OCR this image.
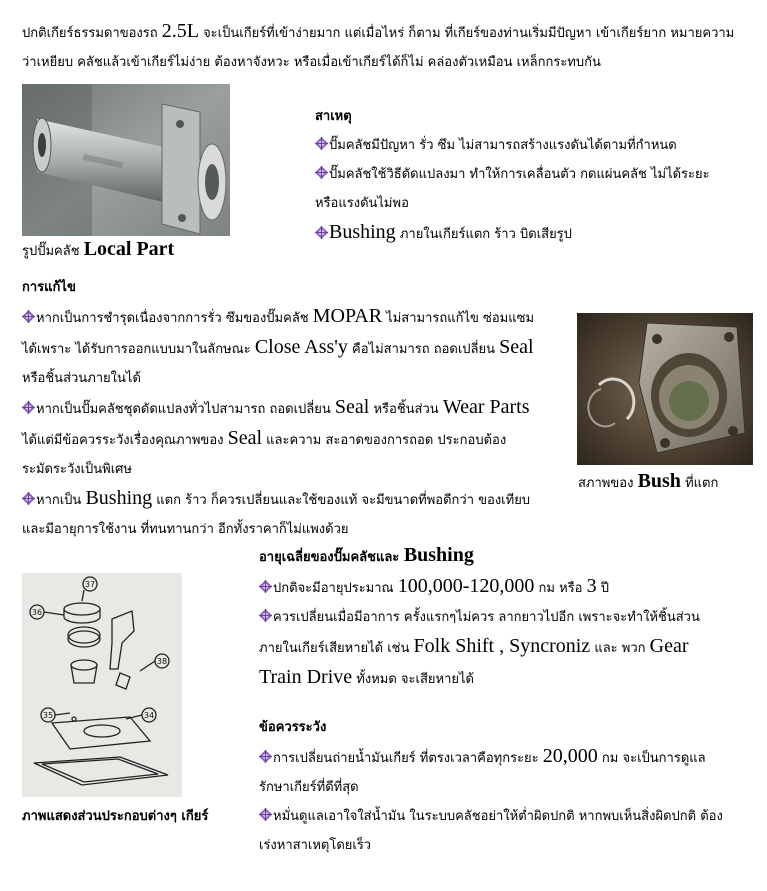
ปกติเกียร์ธรรมดาของรถ 2.5L จะเป็นเกียร์ที่เข้าง่ายมาก แต่เมื่อไหร่ ก็ตาม ที่เกียร์ของท่านเริ่มมีปัญหา เข้าเกียร์ยาก หมายความ

ว่าเหยียบ คลัชแล้วเข้าเกียร์ไม่ง่าย ต้องหาจังหวะ หรือเมื่อเข้าเกียร์ได้ก็ไม่ คล่องตัวเหมือน เหล็กกระทบกัน

รูปปั๊มคลัช Local Part

สาเหตุ

ปั๊มคลัชมีปัญหา รั่ว ซึม ไม่สามารถสร้างแรงดันได้ตามที่กำหนด

ปั๊มคลัชใช้วิธีดัดแปลงมา ทำให้การเคลื่อนตัว กดแผ่นคลัช ไม่ได้ระยะ

หรือแรงดันไม่พอ

Bushing ภายในเกียร์แตก ร้าว บิดเสียรูป

การแก้ไข

หากเป็นการชำรุดเนื่องจากการรั่ว ซึมของปั๊มคลัช MOPAR ไม่สามารถแก้ไข ซ่อมแซม

ได้เพราะ ได้รับการออกแบบมาในลักษณะ Close Ass'y คือไม่สามารถ ถอดเปลี่ยน Seal

หรือชิ้นส่วนภายในได้

หากเป็นปั๊มคลัชชุดดัดแปลงทั่วไปสามารถ ถอดเปลี่ยน Seal หรือชิ้นส่วน Wear Parts

ได้แต่มีข้อควรระวังเรื่องคุณภาพของ Seal และความ สะอาดของการถอด ประกอบต้อง

ระมัดระวังเป็นพิเศษ

หากเป็น Bushing แตก ร้าว ก็ควรเปลี่ยนและใช้ของแท้ จะมีขนาดที่พอดีกว่า ของเทียบ

และมีอายุการใช้งาน ที่ทนทานกว่า อีกทั้งราคาก็ไม่แพงด้วย

สภาพของ Bush ที่แตก
37
36
38
35	34
ภาพแสดงส่วนประกอบต่างๆ เกียร์

อายุเฉลี่ยของปั๊มคลัชและ Bushing

ปกติจะมีอายุประมาณ 100,000-120,000 กม หรือ 3 ปี

ควรเปลี่ยนเมื่อมีอาการ ครั้งแรกๆไม่ควร ลากยาวไปอีก เพราะจะทำให้ชิ้นส่วน

ภายในเกียร์เสียหายได้ เช่น Folk Shift , Syncroniz และ พวก Gear

Train Drive ทั้งหมด จะเสียหายได้

ข้อควรระวัง

การเปลี่ยนถ่ายน้ำมันเกียร์ ที่ตรงเวลาคือทุกระยะ 20,000 กม จะเป็นการดูแล

รักษาเกียร์ที่ดีที่สุด

หมั่นดูแลเอาใจใส่น้ำมัน ในระบบคลัชอย่าให้ต่ำผิดปกติ หากพบเห็นสิ่งผิดปกติ ต้อง

เร่งหาสาเหตุโดยเร็ว
